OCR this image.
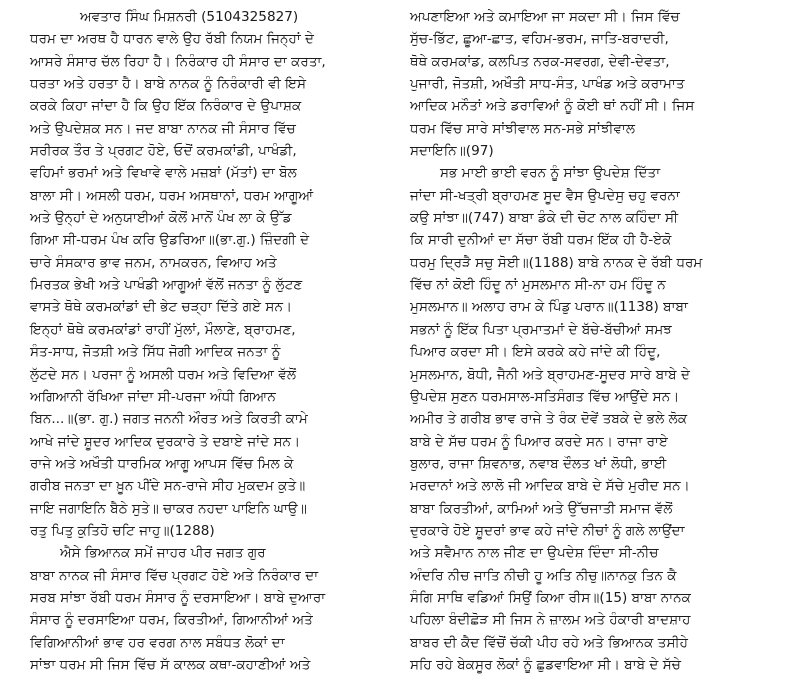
ਅਵਤਾਰ ਸਿੰਘ ਮਿਸ਼ਨਰੀ (5104325827)
ਧਰਮ ਦਾ ਅਰਥ ਹੈ ਧਾਰਨ ਵਾਲੇ ਉਹ ਰੱਬੀ ਨਿਯਮ ਜਿਨ੍ਹਾਂ ਦੇ
ਆਸਰੇ ਸੰਸਾਰ ਚੱਲ ਰਿਹਾ ਹੈ। ਨਿਰੰਕਾਰ ਹੀ ਸੰਸਾਰ ਦਾ ਕਰਤਾ,
ਧਰਤਾ ਅਤੇ ਹਰਤਾ ਹੈ। ਬਾਬੇ ਨਾਨਕ ਨੂੰ ਨਿਰੰਕਾਰੀ ਵੀ ਇਸੇ
ਕਰਕੇ ਕਿਹਾ ਜਾਂਦਾ ਹੈ ਕਿ ਉਹ ਇੱਕ ਨਿਰੰਕਾਰ ਦੇ ਉਪਾਸ਼ਕ
ਅਤੇ ਉਪਦੇਸ਼ਕ ਸਨ। ਜਦ ਬਾਬਾ ਨਾਨਕ ਜੀ ਸੰਸਾਰ ਵਿੱਚ
ਸਰੀਰਕ ਤੌਰ ਤੇ ਪ੍ਰਗਟ ਹੋਏ, ਓਦੋਂ ਕਰਮਕਾਂਡੀ, ਪਾਖੰਡੀ,
ਵਹਿਮਾਂ ਭਰਮਾਂ ਅਤੇ ਵਿਖਾਵੇ ਵਾਲੇ ਮਜ਼ਬਾਂ (ਮੱਤਾਂ) ਦਾ ਬੋਲ
ਬਾਲਾ ਸੀ। ਅਸਲੀ ਧਰਮ, ਧਰਮ ਅਸਥਾਨਾਂ, ਧਰਮ ਆਗੂਆਂ
ਅਤੇ ਉਨ੍ਹਾਂ ਦੇ ਅਨੁਯਾਈਆਂ ਕੋਲੋਂ ਮਾਨੋਂ ਪੰਖ ਲਾ ਕੇ ਉੱਡ
ਗਿਆ ਸੀ-ਧਰਮ ਪੰਖ ਕਰਿ ਉਡਰਿਆ॥(ਭਾ.ਗੁ.) ਜ਼ਿੰਦਗੀ ਦੇ
ਚਾਰੇ ਸੰਸਕਾਰ ਭਾਵ ਜਨਮ, ਨਾਮਕਰਨ, ਵਿਆਹ ਅਤੇ
ਮਿਰਤਕ ਭੇਖੀ ਅਤੇ ਪਾਖੰਡੀ ਆਗੂਆਂ ਵੱਲੋਂ ਜਨਤਾ ਨੂੰ ਲੁੱਟਣ
ਵਾਸਤੇ ਥੋਥੇ ਕਰਮਕਾਂਡਾਂ ਦੀ ਭੇਟ ਚੜ੍ਹਾ ਦਿੱਤੇ ਗਏ ਸਨ।
ਇਨ੍ਹਾਂ ਥੋਥੇ ਕਰਮਕਾਂਡਾਂ ਰਾਹੀਂ ਮੁੱਲਾਂ, ਮੌਲਾਣੇ, ਬ੍ਰਾਹਮਣ,
ਸੰਤ-ਸਾਧ, ਜੋਤਸ਼ੀ ਅਤੇ ਸਿੱਧ ਜੋਗੀ ਆਦਿਕ ਜਨਤਾ ਨੂੰ
ਲੁੱਟਦੇ ਸਨ। ਪਰਜਾ ਨੂੰ ਅਸਲੀ ਧਰਮ ਅਤੇ ਵਿਦਿਆ ਵੱਲੋਂ
ਅਗਿਆਨੀ ਰੱਖਿਆ ਜਾਂਦਾ ਸੀ-ਪਰਜਾ ਅੰਧੀ ਗਿਆਨ
ਬਿਨ...॥(ਭਾ. ਗੁ.) ਜਗਤ ਜਨਨੀ ਔਰਤ ਅਤੇ ਕਿਰਤੀ ਕਾਮੇ
ਆਖੇ ਜਾਂਦੇ ਸ਼ੂਦਰ ਆਦਿਕ ਦੁਰਕਾਰੇ ਤੇ ਦਬਾਏ ਜਾਂਦੇ ਸਨ।
ਰਾਜੇ ਅਤੇ ਅਖੌਤੀ ਧਾਰਮਿਕ ਆਗੂ ਆਪਸ ਵਿੱਚ ਮਿਲ ਕੇ
ਗਰੀਬ ਜਨਤਾ ਦਾ ਖ਼ੂਨ ਪੀਂਦੇ ਸਨ-ਰਾਜੇ ਸੀਹ ਮੁਕਦਮ ਕੁਤੇ॥
ਜਾਇ ਜਗਾਇਨਿ ਬੈਠੇ ਸੁਤੇ॥ ਚਾਕਰ ਨਹਦਾ ਪਾਇਨਿ ਘਾਉ॥
ਰਤੁ ਪਿਤੁ ਕੁਤਿਹੋ ਚਟਿ ਜਾਹੁ॥(1288)
ਐਸੇ ਭਿਆਨਕ ਸਮੇਂ ਜਾਹਰ ਪੀਰ ਜਗਤ ਗੁਰ
ਬਾਬਾ ਨਾਨਕ ਜੀ ਸੰਸਾਰ ਵਿੱਚ ਪ੍ਰਗਟ ਹੋਏ ਅਤੇ ਨਿਰੰਕਾਰ ਦਾ
ਸਰਬ ਸਾਂਝਾ ਰੱਬੀ ਧਰਮ ਸੰਸਾਰ ਨੂੰ ਦਰਸਾਇਆ। ਬਾਬੇ ਦੁਆਰਾ
ਸੰਸਾਰ ਨੂੰ ਦਰਸਾਇਆ ਧਰਮ, ਕਿਰਤੀਆਂ, ਗਿਆਨੀਆਂ ਅਤੇ
ਵਿਗਿਆਨੀਆਂ ਭਾਵ ਹਰ ਵਰਗ ਨਾਲ ਸਬੰਧਤ ਲੋਕਾਂ ਦਾ
ਸਾਂਝਾ ਧਰਮ ਸੀ ਜਿਸ ਵਿੱਚ ਸੱ ਕਾਲਕ ਕਥਾ-ਕਹਾਣੀਆਂ ਅਤੇ
ਅਪਣਾਇਆ ਅਤੇ ਕਮਾਇਆ ਜਾ ਸਕਦਾ ਸੀ। ਜਿਸ ਵਿੱਚ
ਸੁੱਚ-ਭਿੱਟ, ਛੂਆ-ਛਾਤ, ਵਹਿਮ-ਭਰਮ, ਜਾਤਿ-ਬਰਾਦਰੀ,
ਥੋਥੇ ਕਰਮਕਾਂਡ, ਕਲਪਿਤ ਨਰਕ-ਸਵਰਗ, ਦੇਵੀ-ਦੇਵਤਾ,
ਪੁਜਾਰੀ, ਜੋਤਸ਼ੀ, ਅਖੌਤੀ ਸਾਧ-ਸੰਤ, ਪਾਖੰਡ ਅਤੇ ਕਰਾਮਾਤ
ਆਦਿਕ ਮਨੌਤਾਂ ਅਤੇ ਡਰਾਵਿਆਂ ਨੂੰ ਕੋਈ ਥਾਂ ਨਹੀਂ ਸੀ। ਜਿਸ
ਧਰਮ ਵਿੱਚ ਸਾਰੇ ਸਾਂਝੀਵਾਲ ਸਨ-ਸਭੇ ਸਾਂਝੀਵਾਲ
ਸਦਾਇਨਿ॥(97)
ਸਭ ਮਾਈ ਭਾਈ ਵਰਨ ਨੂੰ ਸਾਂਝਾ ਉਪਦੇਸ਼ ਦਿੱਤਾ
ਜਾਂਦਾ ਸੀ-ਖਤ੍ਰੀ ਬ੍ਰਾਹਮਣ ਸੂਦ ਵੈਸ ਉਪਦੇਸੁ ਚਹੁ ਵਰਨਾ
ਕਉ ਸਾਂਝਾ॥(747) ਬਾਬਾ ਡੰਕੇ ਦੀ ਚੋਟ ਨਾਲ ਕਹਿੰਦਾ ਸੀ
ਕਿ ਸਾਰੀ ਦੁਨੀਆਂ ਦਾ ਸੱਚਾ ਰੱਬੀ ਧਰਮ ਇੱਕ ਹੀ ਹੈ-ਏਕੋ
ਧਰਮੁ ਦ੍ਰਿੜੈ ਸਚੁ ਸੋਈ॥(1188) ਬਾਬੇ ਨਾਨਕ ਦੇ ਰੱਬੀ ਧਰਮ
ਵਿੱਚ ਨਾਂ ਕੋਈ ਹਿੰਦੂ ਨਾਂ ਮੁਸਲਮਾਨ ਸੀ-ਨਾ ਹਮ ਹਿੰਦੂ ਨ
ਮੁਸਲਮਾਨ॥ ਅਲਾਹ ਰਾਮ ਕੇ ਪਿੰਡੁ ਪਰਾਨ॥(1138) ਬਾਬਾ
ਸਭਨਾਂ ਨੂੰ ਇੱਕ ਪਿਤਾ ਪ੍ਰਮਾਤਮਾਂ ਦੇ ਬੱਚੇ-ਬੱਚੀਆਂ ਸਮਝ
ਪਿਆਰ ਕਰਦਾ ਸੀ। ਇਸੇ ਕਰਕੇ ਕਹੇ ਜਾਂਦੇ ਕੀ ਹਿੰਦੂ,
ਮੁਸਲਮਾਨ, ਬੋਧੀ, ਜੈਨੀ ਅਤੇ ਬ੍ਰਾਹਮਣ-ਸੂਦਰ ਸਾਰੇ ਬਾਬੇ ਦੇ
ਉਪਦੇਸ਼ ਸੁਣਨ ਧਰਮਸਾਲ-ਸਤਿਸੰਗਤ ਵਿੱਚ ਆਉਂਦੇ ਸਨ।
ਅਮੀਰ ਤੇ ਗਰੀਬ ਭਾਵ ਰਾਜੇ ਤੇ ਰੰਕ ਦੋਵੇਂ ਤਬਕੇ ਦੇ ਭਲੇ ਲੋਕ
ਬਾਬੇ ਦੇ ਸੱਚ ਧਰਮ ਨੂੰ ਪਿਆਰ ਕਰਦੇ ਸਨ। ਰਾਜਾ ਰਾਏ
ਬੁਲਾਰ, ਰਾਜਾ ਸ਼ਿਵਨਾਭ, ਨਵਾਬ ਦੌਲਤ ਖਾਂ ਲੋਧੀ, ਭਾਈ
ਮਰਦਾਨਾਂ ਅਤੇ ਲਾਲੋ ਜੀ ਆਦਿਕ ਬਾਬੇ ਦੇ ਸੱਚੇ ਮੁਰੀਦ ਸਨ।
ਬਾਬਾ ਕਿਰਤੀਆਂ, ਕਾਮਿਆਂ ਅਤੇ ਉੱਚਜਾਤੀ ਸਮਾਜ ਵੱਲੋਂ
ਦੁਰਕਾਰੇ ਹੋਏ ਸ਼ੂਦਰਾਂ ਭਾਵ ਕਹੇ ਜਾਂਦੇ ਨੀਚਾਂ ਨੂੰ ਗਲੇ ਲਾਉਂਦਾ
ਅਤੇ ਸਵੈਮਾਨ ਨਾਲ ਜੀਣ ਦਾ ਉਪਦੇਸ਼ ਦਿੰਦਾ ਸੀ-ਨੀਚ
ਅੰਦਰਿ ਨੀਚ ਜਾਤਿ ਨੀਚੀ ਹੂ ਅਤਿ ਨੀਚੁ॥ਨਾਨਕੁ ਤਿਨ ਕੈ
ਸੰਗਿ ਸਾਥਿ ਵਡਿਆਂ ਸਿਉਂ ਕਿਆ ਰੀਸ॥(15) ਬਾਬਾ ਨਾਨਕ
ਪਹਿਲਾ ਬੰਦੀਛੋੜ ਸੀ ਜਿਸ ਨੇ ਜ਼ਾਲਮ ਅਤੇ ਹੰਕਾਰੀ ਬਾਦਸ਼ਾਹ
ਬਾਬਰ ਦੀ ਕੈਦ ਵਿੱਚੋਂ ਚੱਕੀ ਪੀਹ ਰਹੇ ਅਤੇ ਭਿਆਨਕ ਤਸੀਹੇ
ਸਹਿ ਰਹੇ ਬੇਕਸੂਰ ਲੋਕਾਂ ਨੂੰ ਛੁਡਵਾਇਆ ਸੀ। ਬਾਬੇ ਦੇ ਸੱਚੇ
